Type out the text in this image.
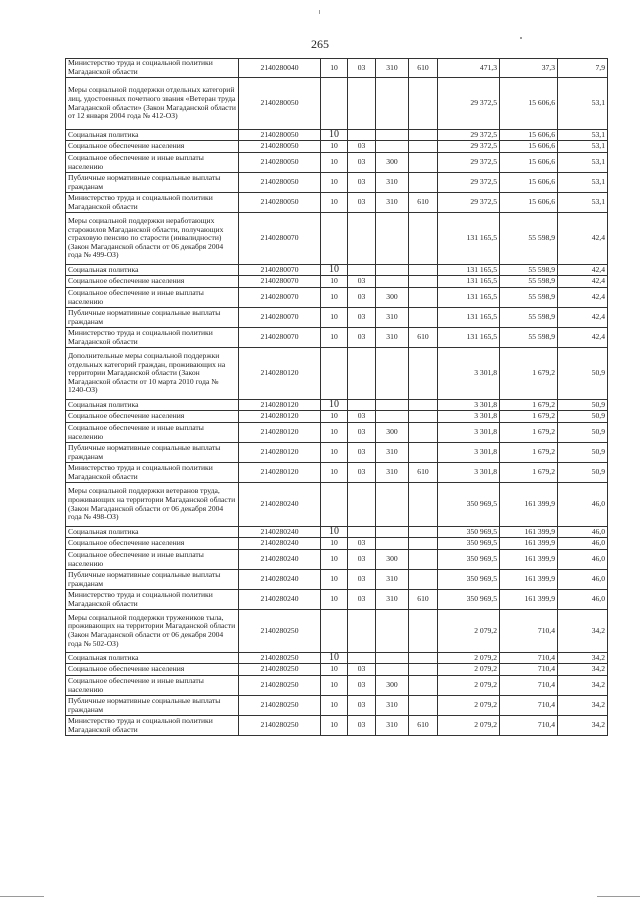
265
Министерство труда и социальной политики Магаданской области	2140280040	10	03	310	610	471,3	37,3	7,9
Меры социальной поддержки отдельных категорий лиц, удостоенных почетного звания «Ветеран труда Магаданской области» (Закон Магаданской области от 12 января 2004 года № 412-ОЗ)	2140280050					29 372,5	15 606,6	53,1
Социальная политика	2140280050	10				29 372,5	15 606,6	53,1
Социальное обеспечение населения	2140280050	10	03			29 372,5	15 606,6	53,1
Социальное обеспечение и иные выплаты населению	2140280050	10	03	300		29 372,5	15 606,6	53,1
Публичные нормативные социальные выплаты гражданам	2140280050	10	03	310		29 372,5	15 606,6	53,1
Министерство труда и социальной политики Магаданской области	2140280050	10	03	310	610	29 372,5	15 606,6	53,1
Меры социальной поддержки неработающих старожилов Магаданской области, получающих страховую пенсию по старости (инвалидности) (Закон Магаданской области от 06 декабря 2004 года № 499-ОЗ)	2140280070					131 165,5	55 598,9	42,4
Социальная политика	2140280070	10				131 165,5	55 598,9	42,4
Социальное обеспечение населения	2140280070	10	03			131 165,5	55 598,9	42,4
Социальное обеспечение и иные выплаты населению	2140280070	10	03	300		131 165,5	55 598,9	42,4
Публичные нормативные социальные выплаты гражданам	2140280070	10	03	310		131 165,5	55 598,9	42,4
Министерство труда и социальной политики Магаданской области	2140280070	10	03	310	610	131 165,5	55 598,9	42,4
Дополнительные меры социальной поддержки отдельных категорий граждан, проживающих на территории Магаданской области (Закон Магаданской области от 10 марта 2010 года № 1240-ОЗ)	2140280120					3 301,8	1 679,2	50,9
Социальная политика	2140280120	10				3 301,8	1 679,2	50,9
Социальное обеспечение населения	2140280120	10	03			3 301,8	1 679,2	50,9
Социальное обеспечение и иные выплаты населению	2140280120	10	03	300		3 301,8	1 679,2	50,9
Публичные нормативные социальные выплаты гражданам	2140280120	10	03	310		3 301,8	1 679,2	50,9
Министерство труда и социальной политики Магаданской области	2140280120	10	03	310	610	3 301,8	1 679,2	50,9
Меры социальной поддержки ветеранов труда, проживающих на территории Магаданской области (Закон Магаданской области от 06 декабря 2004 года № 498-ОЗ)	2140280240					350 969,5	161 399,9	46,0
Социальная политика	2140280240	10				350 969,5	161 399,9	46,0
Социальное обеспечение населения	2140280240	10	03			350 969,5	161 399,9	46,0
Социальное обеспечение и иные выплаты населению	2140280240	10	03	300		350 969,5	161 399,9	46,0
Публичные нормативные социальные выплаты гражданам	2140280240	10	03	310		350 969,5	161 399,9	46,0
Министерство труда и социальной политики Магаданской области	2140280240	10	03	310	610	350 969,5	161 399,9	46,0
Меры социальной поддержки тружеников тыла, проживающих на территории Магаданской области (Закон Магаданской области от 06 декабря 2004 года № 502-ОЗ)	2140280250					2 079,2	710,4	34,2
Социальная политика	2140280250	10				2 079,2	710,4	34,2
Социальное обеспечение населения	2140280250	10	03			2 079,2	710,4	34,2
Социальное обеспечение и иные выплаты населению	2140280250	10	03	300		2 079,2	710,4	34,2
Публичные нормативные социальные выплаты гражданам	2140280250	10	03	310		2 079,2	710,4	34,2
Министерство труда и социальной политики Магаданской области	2140280250	10	03	310	610	2 079,2	710,4	34,2
